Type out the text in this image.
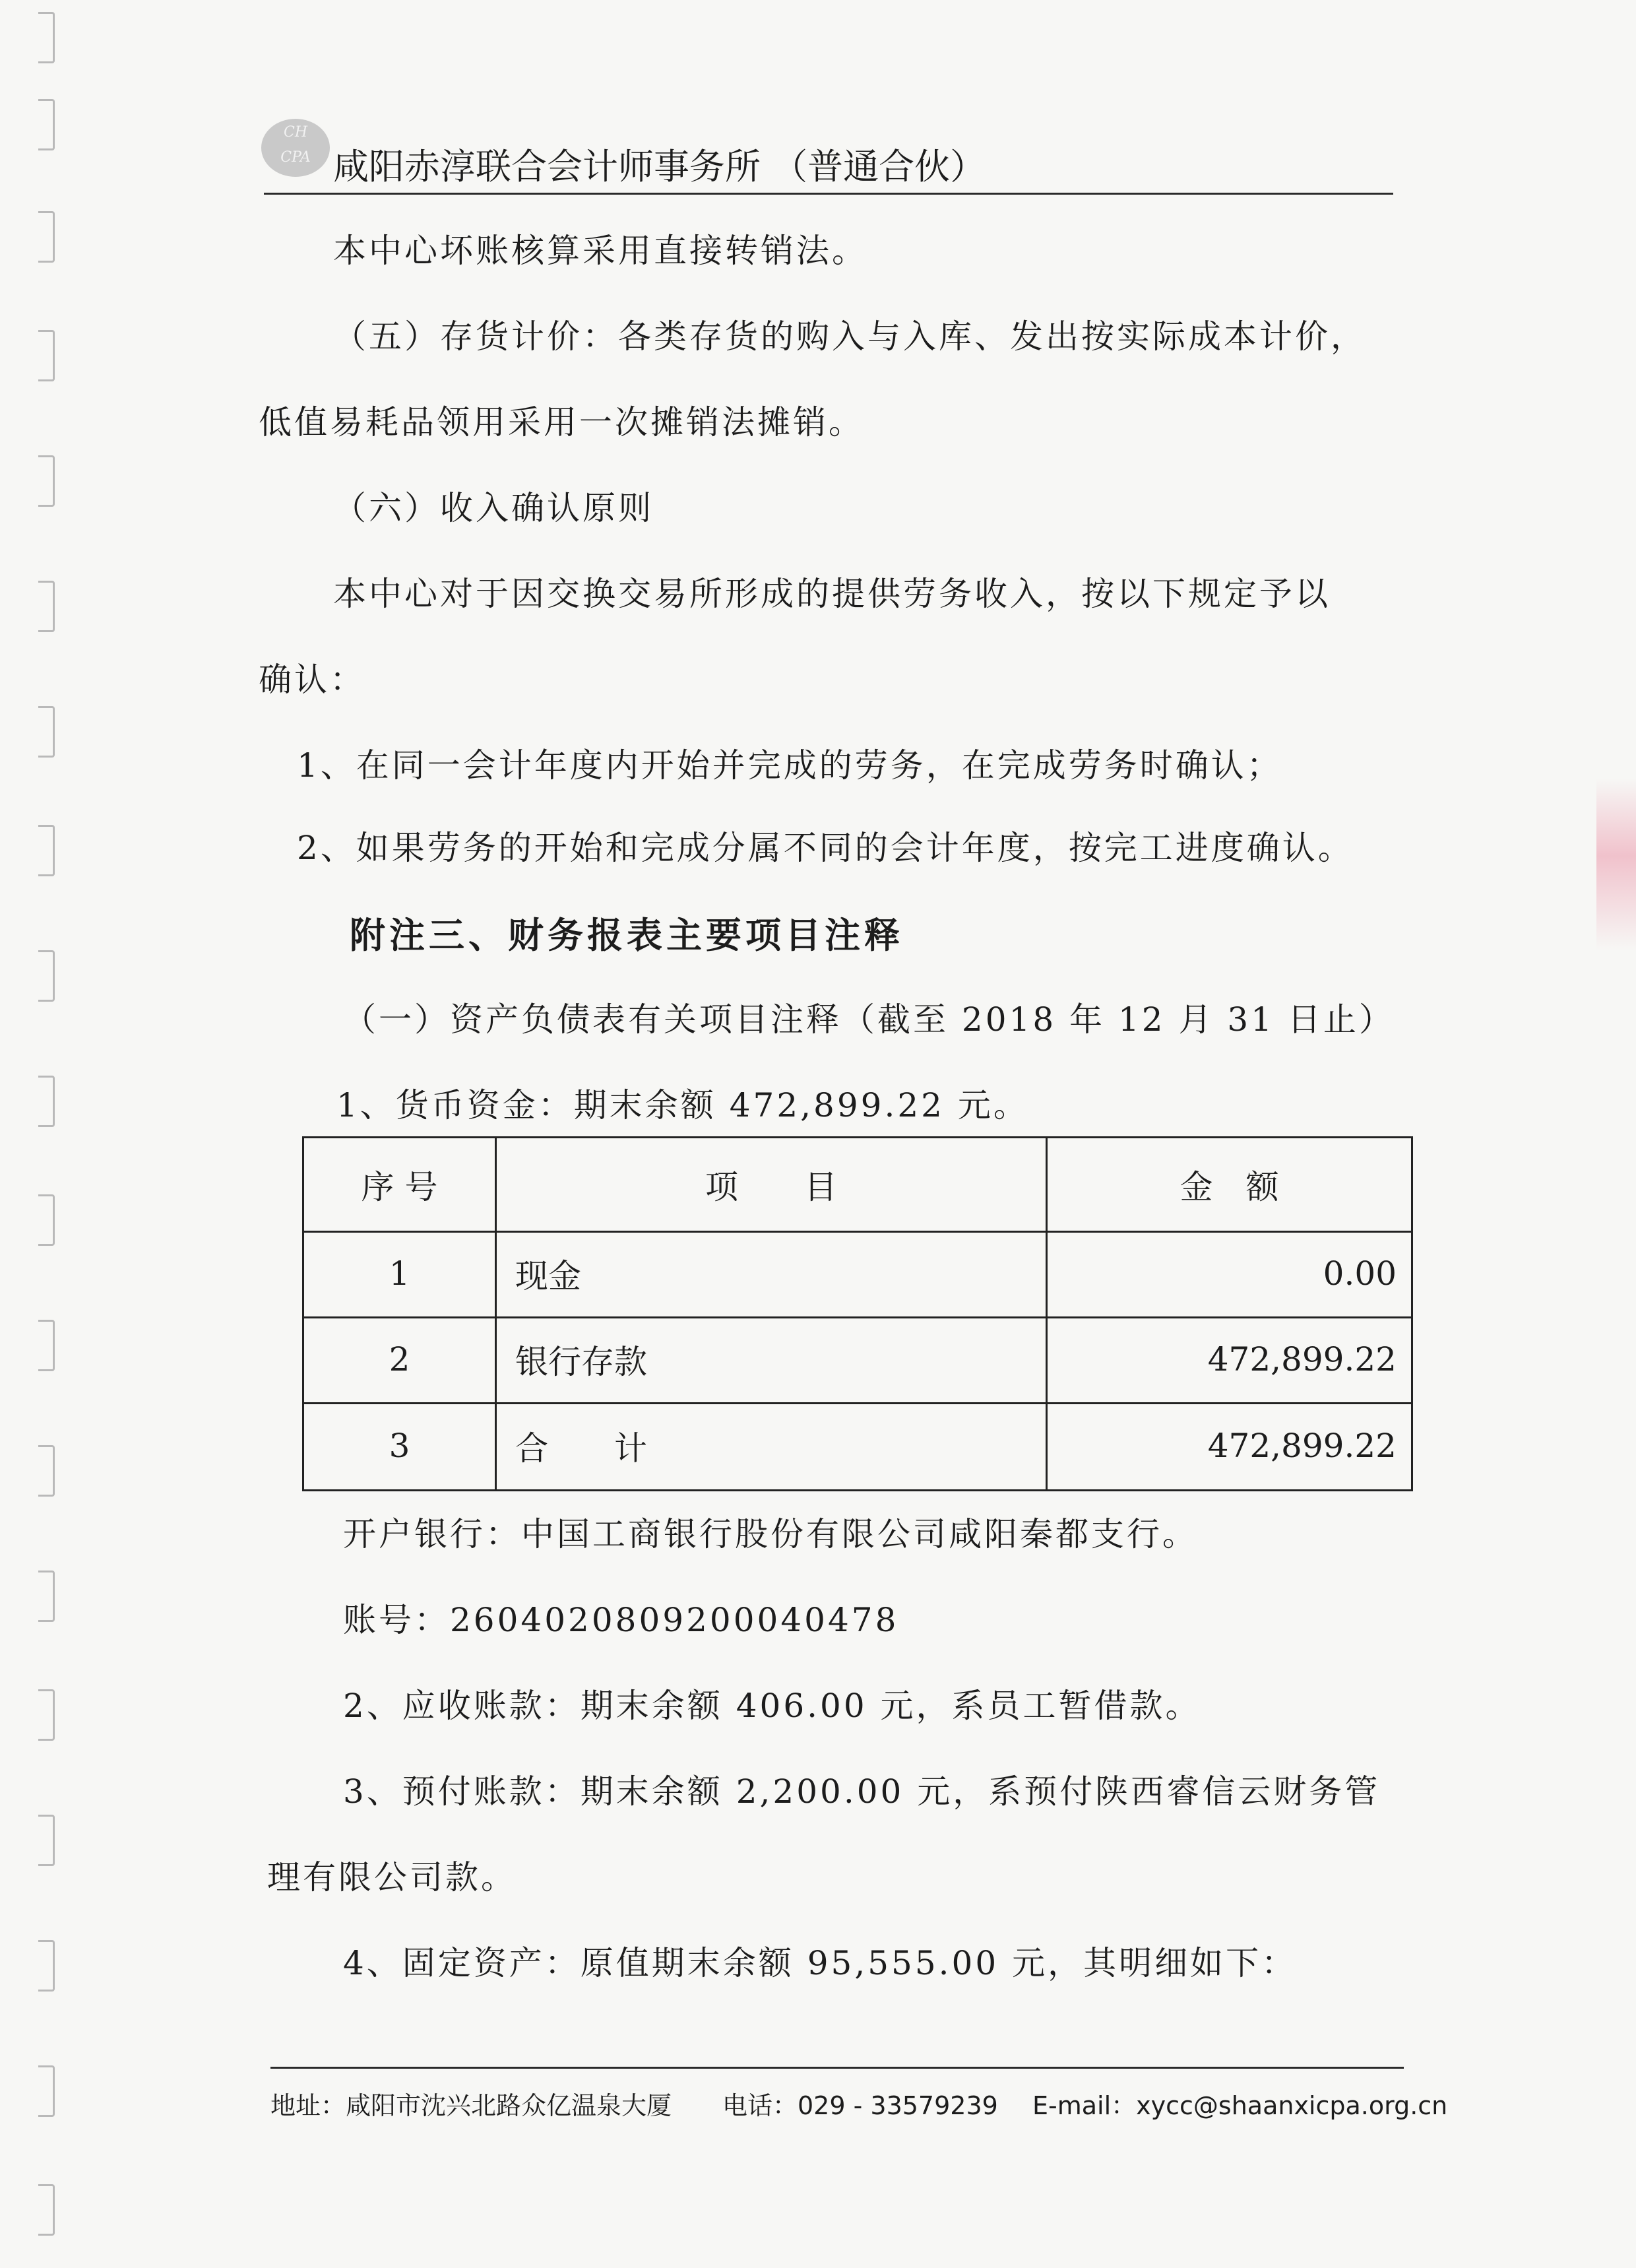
CH
CPA 咸阳赤淳联合会计师事务所 （普通合伙）
本中心坏账核算采用直接转销法。
（五）存货计价：各类存货的购入与入库、发出按实际成本计价，
低值易耗品领用采用一次摊销法摊销。
（六）收入确认原则
本中心对于因交换交易所形成的提供劳务收入，按以下规定予以
确认：
1、在同一会计年度内开始并完成的劳务，在完成劳务时确认；
2、如果劳务的开始和完成分属不同的会计年度，按完工进度确认。
附注三、财务报表主要项目注释
（一）资产负债表有关项目注释（截至 2018 年 12 月 31 日止）
1、货币资金：期末余额 472,899.22 元。
序 号	项　　目	金　额
1	现金	0.00
2	银行存款	472,899.22
3	合　　计	472,899.22
开户银行：中国工商银行股份有限公司咸阳秦都支行。
账号：2604020809200040478
2、应收账款：期末余额 406.00 元，系员工暂借款。
3、预付账款：期末余额 2,200.00 元，系预付陕西睿信云财务管
理有限公司款。
4、固定资产：原值期末余额 95,555.00 元，其明细如下：
地址：咸阳市沈兴北路众亿温泉大厦 电话：029 - 33579239 E-mail：xycc@shaanxicpa.org.cn
